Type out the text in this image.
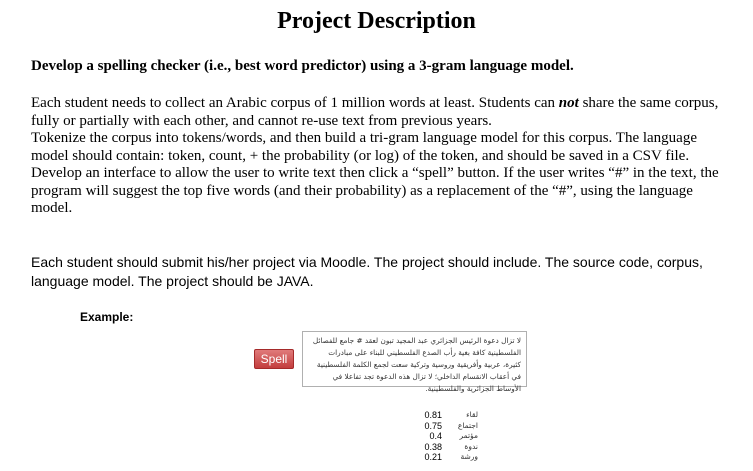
Project Description
Develop a spelling checker (i.e., best word predictor) using a 3-gram language model.

Each student needs to collect an Arabic corpus of 1 million words at least. Students can not share the same corpus, fully or partially with each other, and cannot re-use text from previous years.
Tokenize the corpus into tokens/words, and then build a tri-gram language model for this corpus. The language model should contain: token, count, + the probability (or log) of the token, and should be saved in a CSV file.
Develop an interface to allow the user to write text then click a “spell” button. If the user writes “#” in the text, the program will suggest the top five words (and their probability) as a replacement of the “#”, using the language model.

Each student should submit his/her project via Moodle. The project should include. The source code, corpus, language model. The project should be JAVA.

Example:
Spell
لا تزال دعوة الرئيس الجزائري عبد المجيد تبون لعقد # جامع للفصائل الفلسطينية كافة بغية رأب الصدع الفلسطيني للبناء على مبادرات كثيرة، عربية وأفريقية وروسية وتركية سعت لجمع الكلمة الفلسطينية في أعقاب الانقسام الداخلي؛ لا تزال هذه الدعوة تجد تفاعلا في الأوساط الجزائرية والفلسطينية.
0.81	لقاء
0.75 اجتماع
0.4 مؤتمر
0.38	ندوة
0.21 ورشة
